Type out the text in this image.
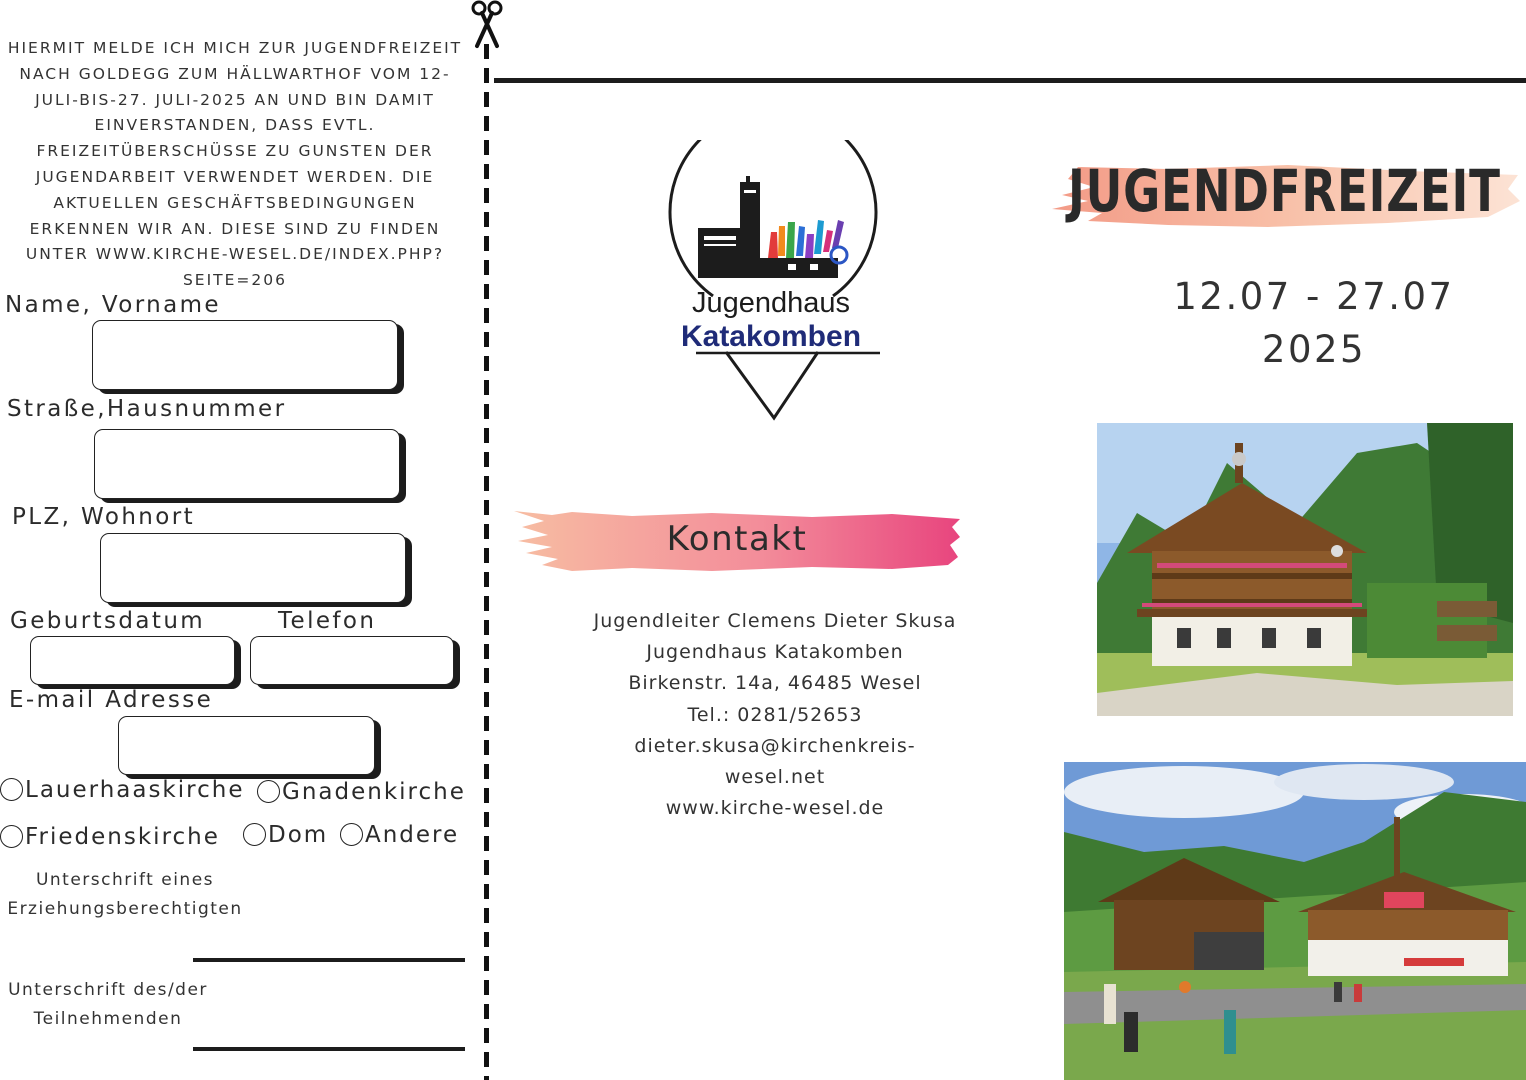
HIERMIT MELDE ICH MICH ZUR JUGENDFREIZEIT NACH GOLDEGG ZUM HÄLLWARTHOF VOM 12-JULI-BIS-27. JULI-2025 AN UND BIN DAMIT EINVERSTANDEN, DASS EVTL. FREIZEITÜBERSCHÜSSE ZU GUNSTEN DER JUGENDARBEIT VERWENDET WERDEN. DIE AKTUELLEN GESCHÄFTSBEDINGUNGEN ERKENNEN WIR AN. DIESE SIND ZU FINDEN UNTER WWW.KIRCHE-WESEL.DE/INDEX.PHP?SEITE=206
Name, Vorname
Straße,Hausnummer
PLZ, Wohnort
Geburtsdatum	Telefon
E-mail Adresse
Lauerhaaskirche	Gnadenkirche
Friedenskirche	Dom	Andere
Unterschrift eines Erziehungsberechtigten
Unterschrift des/der Teilnehmenden
Jugendhaus
Katakomben
Kontakt
Jugendleiter Clemens Dieter Skusa
Jugendhaus Katakomben
Birkenstr. 14a, 46485 Wesel
Tel.: 0281/52653
dieter.skusa@kirchenkreis-
wesel.net
www.kirche-wesel.de
JUGENDFREIZEIT
12.07 - 27.07
2025
